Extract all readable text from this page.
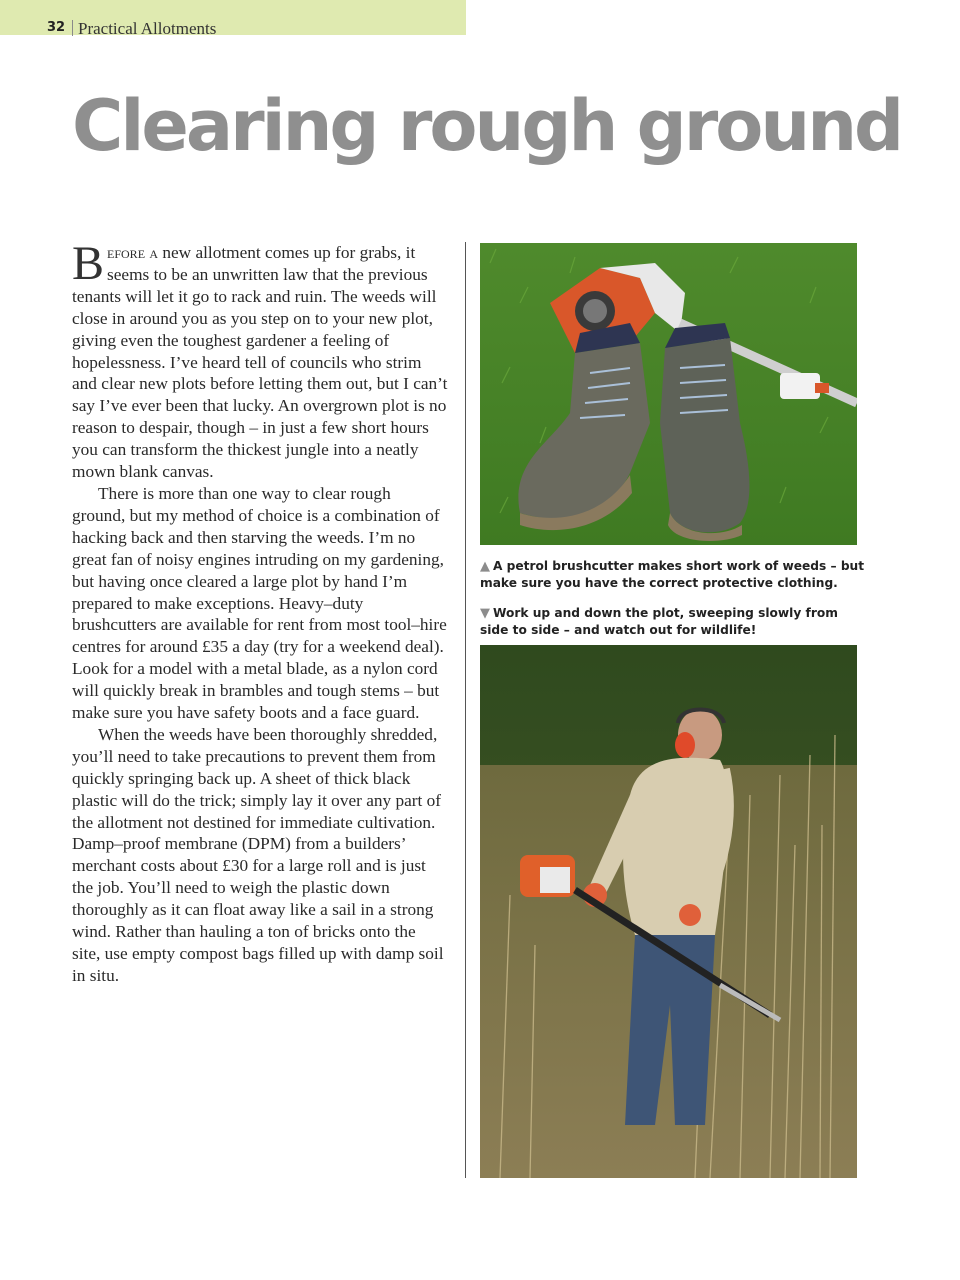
32 Practical Allotments
Clearing rough ground

Before a new allotment comes up for grabs, it seems to be an unwritten law that the previous tenants will let it go to rack and ruin. The weeds will close in around you as you step on to your new plot, giving even the toughest gardener a feeling of hopelessness. I’ve heard tell of councils who strim and clear new plots before letting them out, but I can’t say I’ve ever been that lucky. An overgrown plot is no reason to despair, though – in just a few short hours you can transform the thickest jungle into a neatly mown blank canvas.

There is more than one way to clear rough ground, but my method of choice is a combination of hacking back and then starving the weeds. I’m no great fan of noisy engines intruding on my gardening, but having once cleared a large plot by hand I’m prepared to make exceptions. Heavy–duty brushcutters are available for rent from most tool–hire centres for around £35 a day (try for a weekend deal). Look for a model with a metal blade, as a nylon cord will quickly break in brambles and tough stems – but make sure you have safety boots and a face guard.

When the weeds have been thoroughly shredded, you’ll need to take precautions to prevent them from quickly springing back up. A sheet of thick black plastic will do the trick; simply lay it over any part of the allotment not destined for immediate cultivation. Damp–proof membrane (DPM) from a builders’ merchant costs about £30 for a large roll and is just the job. You’ll need to weigh the plastic down thoroughly as it can float away like a sail in a strong wind. Rather than hauling a ton of bricks onto the site, use empty compost bags filled up with damp soil in situ.

▲ A petrol brushcutter makes short work of weeds – but make sure you have the correct protective clothing.
▼ Work up and down the plot, sweeping slowly from side to side – and watch out for wildlife!
